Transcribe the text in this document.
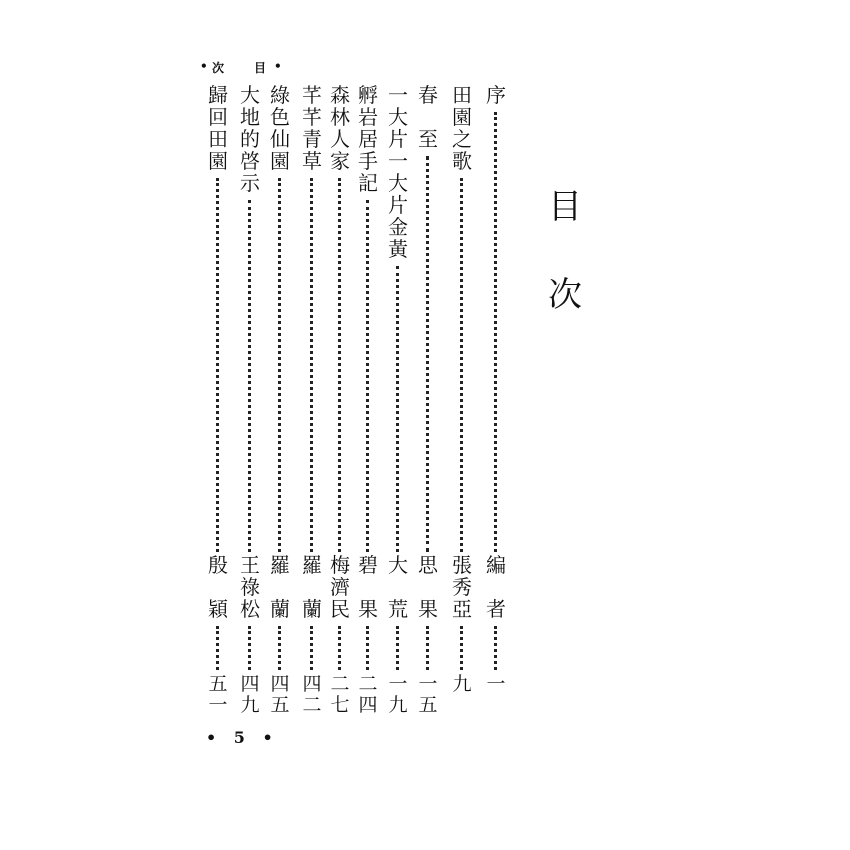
• 次 目 •
目
次
序
編

者
一
田
園
之
歌
張
秀
亞
九
春

至
思

果
一
五
一
大
片
一
大
片
金
黃
大

荒
一
九
孵
岩
居
手
記
碧

果
二
四
森
林
人
家
梅
濟
民
二
七
芊
芊
青
草
羅

蘭
四
二
綠
色
仙
園
羅

蘭
四
五
大
地
的
啓
示
王
祿
松
四
九
歸
回
田
園
殷

穎
五
一
• 5 •
